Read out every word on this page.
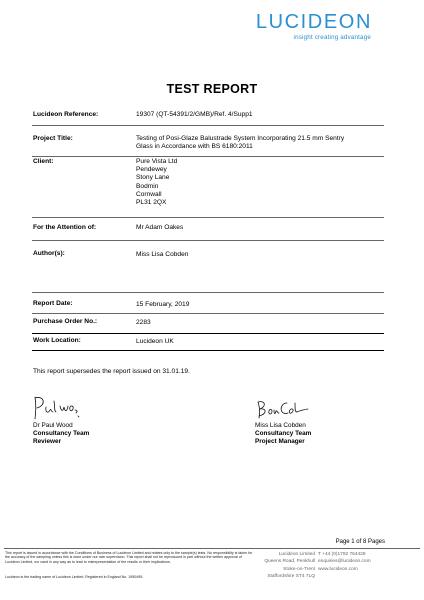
LUCIDEON
insight creating advantage
TEST REPORT
Lucideon Reference:	19307 (QT-54391/2/GMB)/Ref. 4/Supp1
Project Title:	Testing of Posi-Glaze Balustrade System Incorporating 21.5 mm Sentry Glass in Accordance with BS 6180:2011
Client:	Pure Vista Ltd
Pendewey
Stony Lane
Bodmin
Cornwall
PL31 2QX
For the Attention of:	Mr Adam Oakes
Author(s):	Miss Lisa Cobden
Report Date:	15 February, 2019
Purchase Order No.:	2283
Work Location:	Lucideon UK
This report supersedes the report issued on 31.01.19.
Dr Paul Wood
Consultancy Team
Reviewer
Miss Lisa Cobden
Consultancy Team
Project Manager
Page 1 of 8 Pages
This report is issued in accordance with the Conditions of Business of Lucideon Limited and relates only to the sample(s) tests. No responsibility is taken for the accuracy of the sampling unless this is done under our own supervision. This report shall not be reproduced in part without the written approval of Lucideon Limited, nor used in any way as to lead to misrepresentation of the results or their implications.
Lucideon is the trading name of Lucideon Limited. Registered in England No. 1950495.
Lucideon Limited
Queens Road, Penkhull
Stoke-on-Trent
Staffordshire ST4 7LQ
T +44 (0)1782 764428
enquiries@lucideon.com
www.lucideon.com
